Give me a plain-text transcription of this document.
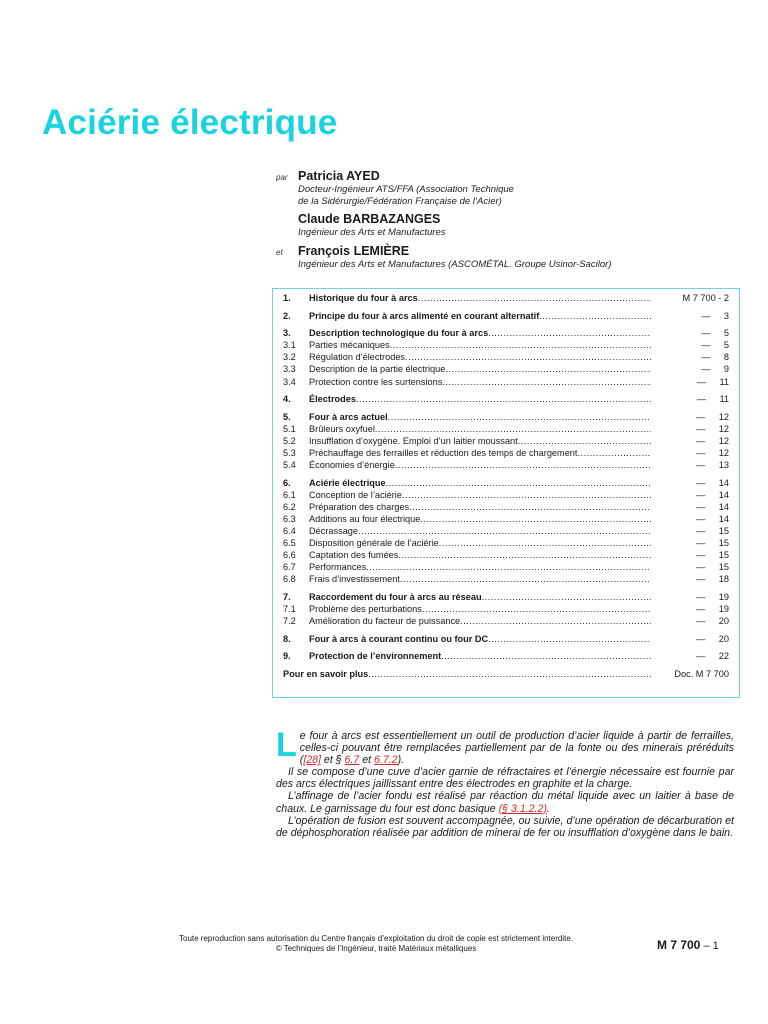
Aciérie électrique
par Patricia AYED
Docteur-Ingénieur ATS/FFA (Association Technique
de la Sidérurgie/Fédération Française de l’Acier)
Claude BARBAZANGES
Ingénieur des Arts et Manufactures
et François LEMIÈRE
Ingénieur des Arts et Manufactures (ASCOMÉTAL. Groupe Usinor-Sacilor)
1.	Historique du four à arcs .....	M 7 700 - 2
2.	Principe du four à arcs alimenté en courant alternatif .....	— 3
3.	Description technologique du four à arcs .....	— 5
3.1	Parties mécaniques .....	— 5
3.2	Régulation d’électrodes .....	— 8
3.3	Description de la partie électrique .....	— 9
3.4	Protection contre les surtensions .....	— 11
4.	Électrodes .....	— 11
5.	Four à arcs actuel .....	— 12
5.1	Brûleurs oxyfuel .....	— 12
5.2	Insufflation d’oxygène. Emploi d’un laitier moussant .....	— 12
5.3	Préchauffage des ferrailles et réduction des temps de chargement .....	— 12
5.4	Économies d’énergie .....	— 13
6.	Aciérie électrique .....	— 14
6.1	Conception de l’aciérie .....	— 14
6.2	Préparation des charges .....	— 14
6.3	Additions au four électrique .....	— 14
6.4	Décrassage .....	— 15
6.5	Disposition générale de l’aciérie .....	— 15
6.6	Captation des fumées .....	— 15
6.7	Performances .....	— 15
6.8	Frais d’investissement .....	— 18
7.	Raccordement du four à arcs au réseau .....	— 19
7.1	Problème des perturbations .....	— 19
7.2	Amélioration du facteur de puissance .....	— 20
8.	Four à arcs à courant continu ou four DC .....	— 20
9.	Protection de l’environnement .....	— 22
Pour en savoir plus .....	Doc. M 7 700

Le four à arcs est essentiellement un outil de production d’acier liquide à partir de ferrailles, celles-ci pouvant être remplacées partiellement par de la fonte ou des minerais préréduits ([28] et § 6.7 et 6.7.2).

Il se compose d’une cuve d’acier garnie de réfractaires et l’énergie nécessaire est fournie par des arcs électriques jaillissant entre des électrodes en graphite et la charge.

L’affinage de l’acier fondu est réalisé par réaction du métal liquide avec un laitier à base de chaux. Le garnissage du four est donc basique (§ 3.1.2.2).

L’opération de fusion est souvent accompagnée, ou suivie, d’une opération de décarburation et de déphosphoration réalisée par addition de minerai de fer ou insufflation d’oxygène dans le bain.

Toute reproduction sans autorisation du Centre français d’exploitation du droit de copie est strictement interdite.
© Techniques de l’Ingénieur, traité Matériaux métalliques	M 7 700 – 1
